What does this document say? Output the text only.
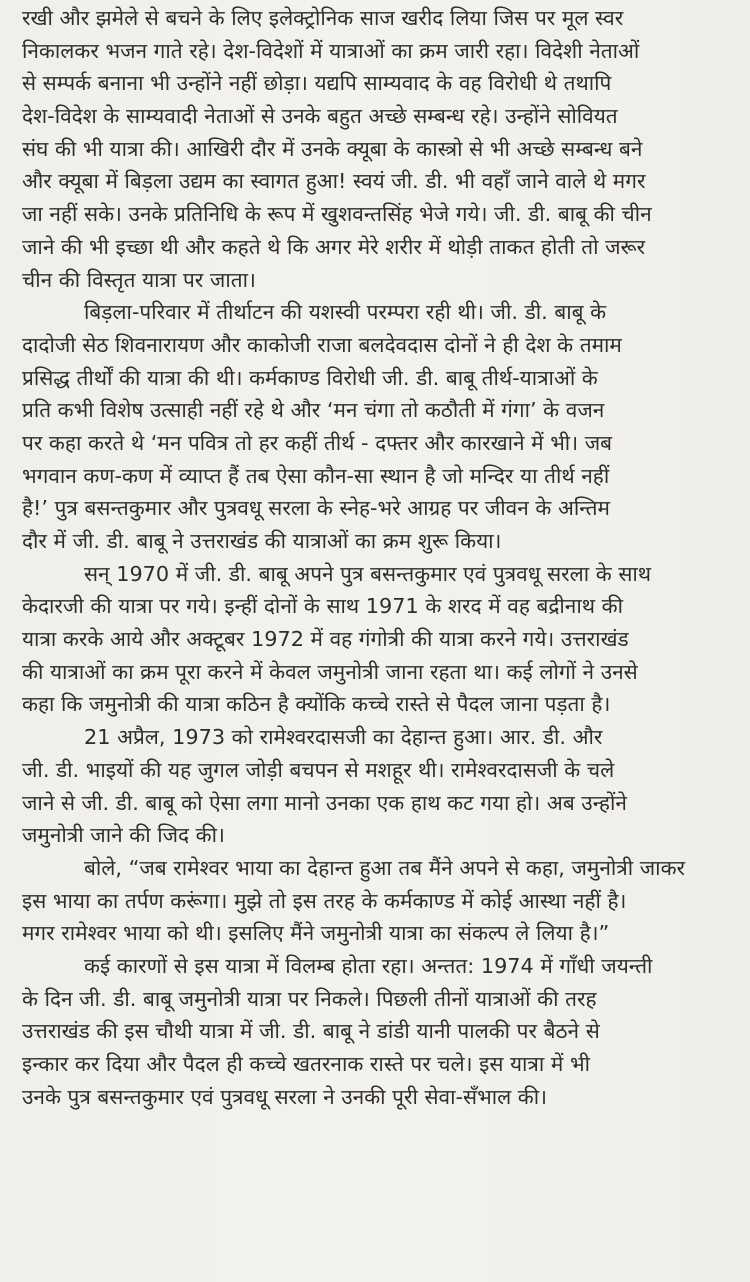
रखी और झमेले से बचने के लिए इलेक्ट्रोनिक साज खरीद लिया जिस पर मूल स्वर
निकालकर भजन गाते रहे। देश-विदेशों में यात्राओं का क्रम जारी रहा। विदेशी नेताओं
से सम्पर्क बनाना भी उन्होंने नहीं छोड़ा। यद्यपि साम्यवाद के वह विरोधी थे तथापि
देश-विदेश के साम्यवादी नेताओं से उनके बहुत अच्छे सम्बन्ध रहे। उन्होंने सोवियत
संघ की भी यात्रा की। आखिरी दौर में उनके क्यूबा के कास्त्रो से भी अच्छे सम्बन्ध बने
और क्यूबा में बिड़ला उद्यम का स्वागत हुआ! स्वयं जी. डी. भी वहाँ जाने वाले थे मगर
जा नहीं सके। उनके प्रतिनिधि के रूप में खुशवन्तसिंह भेजे गये। जी. डी. बाबू की चीन
जाने की भी इच्छा थी और कहते थे कि अगर मेरे शरीर में थोड़ी ताकत होती तो जरूर
चीन की विस्तृत यात्रा पर जाता।
बिड़ला-परिवार में तीर्थाटन की यशस्वी परम्परा रही थी। जी. डी. बाबू के
दादोजी सेठ शिवनारायण और काकोजी राजा बलदेवदास दोनों ने ही देश के तमाम
प्रसिद्ध तीर्थों की यात्रा की थी। कर्मकाण्ड विरोधी जी. डी. बाबू तीर्थ-यात्राओं के
प्रति कभी विशेष उत्साही नहीं रहे थे और ‘मन चंगा तो कठौती में गंगा’ के वजन
पर कहा करते थे ‘मन पवित्र तो हर कहीं तीर्थ - दफ्तर और कारखाने में भी। जब
भगवान कण-कण में व्याप्त हैं तब ऐसा कौन-सा स्थान है जो मन्दिर या तीर्थ नहीं
है!’ पुत्र बसन्तकुमार और पुत्रवधू सरला के स्नेह-भरे आग्रह पर जीवन के अन्तिम
दौर में जी. डी. बाबू ने उत्तराखंड की यात्राओं का क्रम शुरू किया।
सन् 1970 में जी. डी. बाबू अपने पुत्र बसन्तकुमार एवं पुत्रवधू सरला के साथ
केदारजी की यात्रा पर गये। इन्हीं दोनों के साथ 1971 के शरद में वह बद्रीनाथ की
यात्रा करके आये और अक्टूबर 1972 में वह गंगोत्री की यात्रा करने गये। उत्तराखंड
की यात्राओं का क्रम पूरा करने में केवल जमुनोत्री जाना रहता था। कई लोगों ने उनसे
कहा कि जमुनोत्री की यात्रा कठिन है क्योंकि कच्चे रास्ते से पैदल जाना पड़ता है।
21 अप्रैल, 1973 को रामेश्वरदासजी का देहान्त हुआ। आर. डी. और
जी. डी. भाइयों की यह जुगल जोड़ी बचपन से मशहूर थी। रामेश्वरदासजी के चले
जाने से जी. डी. बाबू को ऐसा लगा मानो उनका एक हाथ कट गया हो। अब उन्होंने
जमुनोत्री जाने की जिद की।
बोले, “जब रामेश्वर भाया का देहान्त हुआ तब मैंने अपने से कहा, जमुनोत्री जाकर
इस भाया का तर्पण करूंगा। मुझे तो इस तरह के कर्मकाण्ड में कोई आस्था नहीं है।
मगर रामेश्वर भाया को थी। इसलिए मैंने जमुनोत्री यात्रा का संकल्प ले लिया है।”
कई कारणों से इस यात्रा में विलम्ब होता रहा। अन्तत: 1974 में गाँधी जयन्ती
के दिन जी. डी. बाबू जमुनोत्री यात्रा पर निकले। पिछली तीनों यात्राओं की तरह
उत्तराखंड की इस चौथी यात्रा में जी. डी. बाबू ने डांडी यानी पालकी पर बैठने से
इन्कार कर दिया और पैदल ही कच्चे खतरनाक रास्ते पर चले। इस यात्रा में भी
उनके पुत्र बसन्तकुमार एवं पुत्रवधू सरला ने उनकी पूरी सेवा-सँभाल की।
